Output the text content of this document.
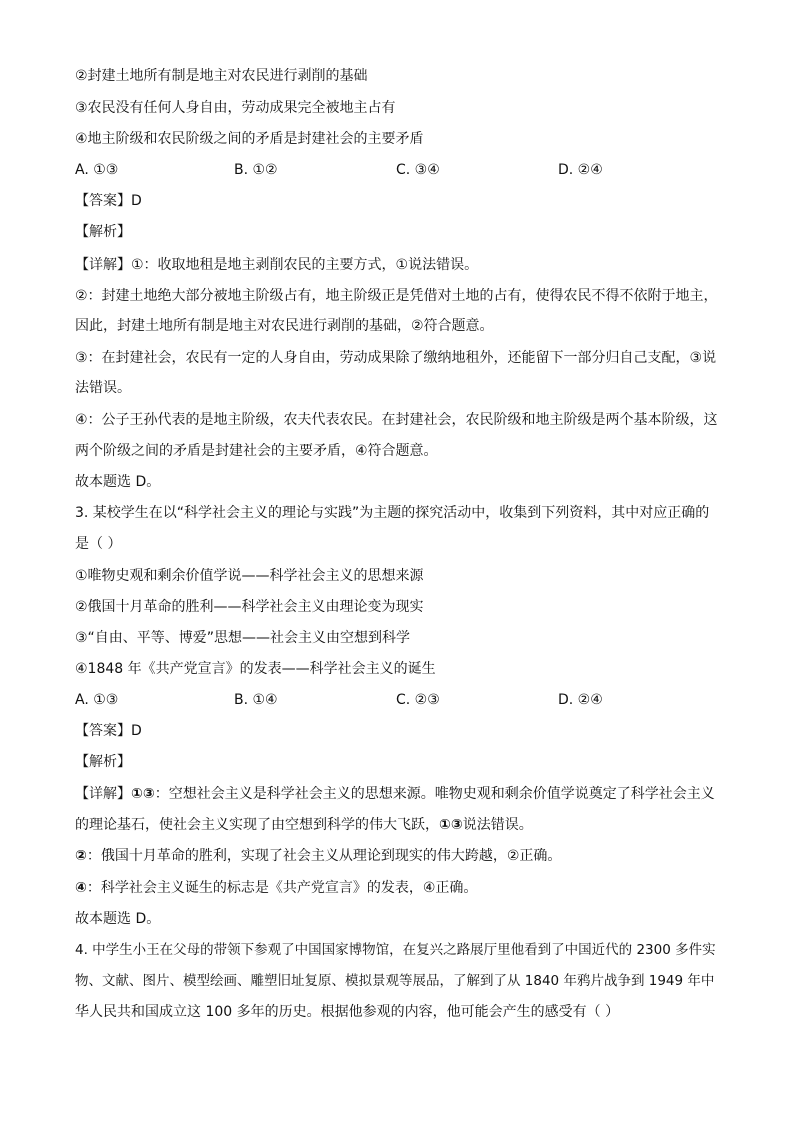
②封建土地所有制是地主对农民进行剥削的基础
③农民没有任何人身自由，劳动成果完全被地主占有
④地主阶级和农民阶级之间的矛盾是封建社会的主要矛盾
A. ①③	B. ①②	C. ③④	D. ②④
【答案】D
【解析】
【详解】①：收取地租是地主剥削农民的主要方式，①说法错误。
②：封建土地绝大部分被地主阶级占有，地主阶级正是凭借对土地的占有，使得农民不得不依附于地主，
因此，封建土地所有制是地主对农民进行剥削的基础，②符合题意。
③：在封建社会，农民有一定的人身自由，劳动成果除了缴纳地租外，还能留下一部分归自己支配，③说
法错误。
④：公子王孙代表的是地主阶级，农夫代表农民。在封建社会，农民阶级和地主阶级是两个基本阶级，这
两个阶级之间的矛盾是封建社会的主要矛盾，④符合题意。
故本题选 D。
3. 某校学生在以“科学社会主义的理论与实践”为主题的探究活动中，收集到下列资料，其中对应正确的
是（ ）
①唯物史观和剩余价值学说——科学社会主义的思想来源
②俄国十月革命的胜利——科学社会主义由理论变为现实
③“自由、平等、博爱”思想——社会主义由空想到科学
④1848 年《共产党宣言》的发表——科学社会主义的诞生
A. ①③	B. ①④	C. ②③	D. ②④
【答案】D
【解析】
【详解】①③：空想社会主义是科学社会主义的思想来源。唯物史观和剩余价值学说奠定了科学社会主义
的理论基石，使社会主义实现了由空想到科学的伟大飞跃，①③说法错误。
②：俄国十月革命的胜利，实现了社会主义从理论到现实的伟大跨越，②正确。
④：科学社会主义诞生的标志是《共产党宣言》的发表，④正确。
故本题选 D。
4. 中学生小王在父母的带领下参观了中国国家博物馆，在复兴之路展厅里他看到了中国近代的 2300 多件实
物、文献、图片、模型绘画、雕塑旧址复原、模拟景观等展品，了解到了从 1840 年鸦片战争到 1949 年中
华人民共和国成立这 100 多年的历史。根据他参观的内容，他可能会产生的感受有（ ）
